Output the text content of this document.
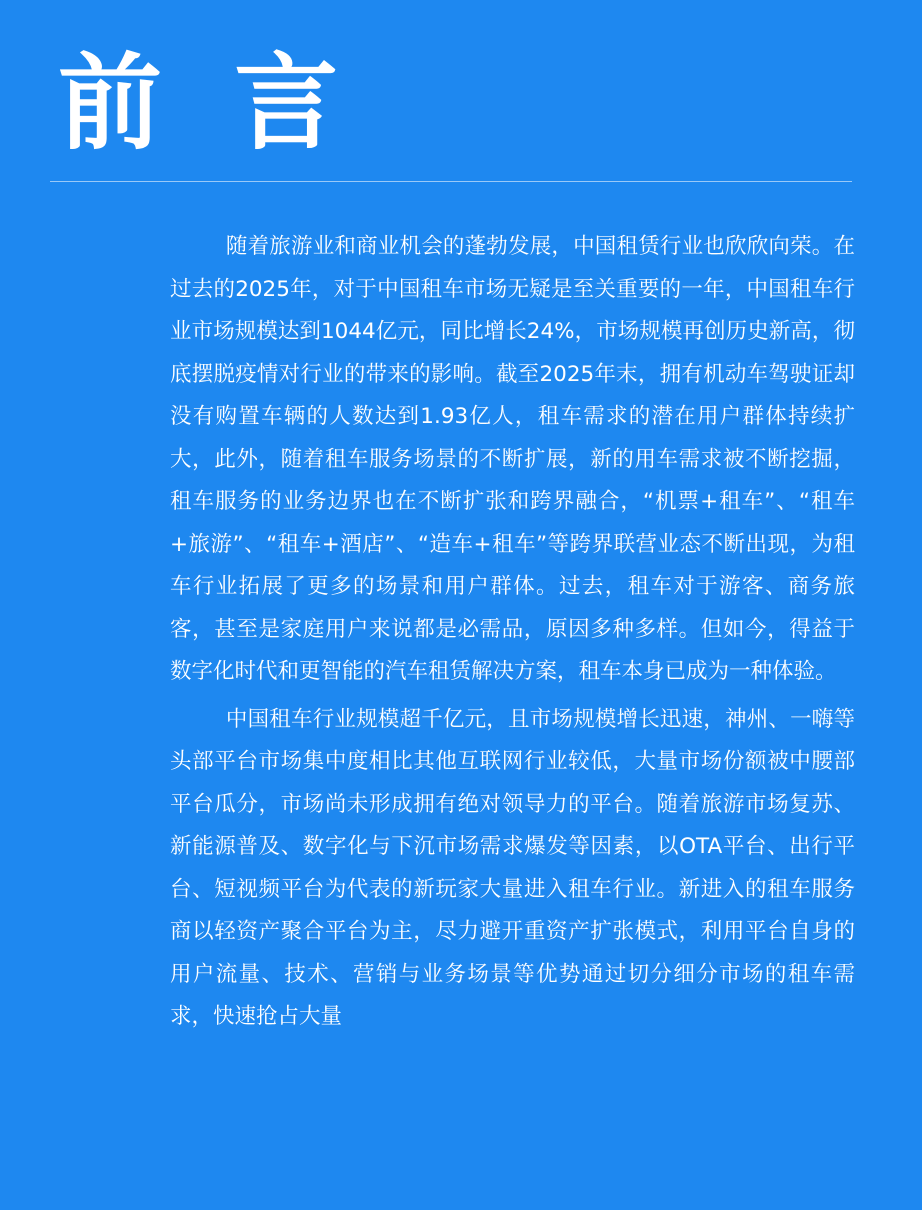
前 言

随着旅游业和商业机会的蓬勃发展，中国租赁行业也欣欣向荣。在过去的2025年，对于中国租车市场无疑是至关重要的一年，中国租车行业市场规模达到1044亿元，同比增长24%，市场规模再创历史新高，彻底摆脱疫情对行业的带来的影响。截至2025年末，拥有机动车驾驶证却没有购置车辆的人数达到1.93亿人，租车需求的潜在用户群体持续扩大，此外，随着租车服务场景的不断扩展，新的用车需求被不断挖掘，租车服务的业务边界也在不断扩张和跨界融合，“机票+租车”、“租车+旅游”、“租车+酒店”、“造车+租车”等跨界联营业态不断出现，为租车行业拓展了更多的场景和用户群体。过去，租车对于游客、商务旅客，甚至是家庭用户来说都是必需品，原因多种多样。但如今，得益于数字化时代和更智能的汽车租赁解决方案，租车本身已成为一种体验。

中国租车行业规模超千亿元，且市场规模增长迅速，神州、一嗨等头部平台市场集中度相比其他互联网行业较低，大量市场份额被中腰部平台瓜分，市场尚未形成拥有绝对领导力的平台。随着旅游市场复苏、新能源普及、数字化与下沉市场需求爆发等因素，以OTA平台、出行平台、短视频平台为代表的新玩家大量进入租车行业。新进入的租车服务商以轻资产聚合平台为主，尽力避开重资产扩张模式，利用平台自身的用户流量、技术、营销与业务场景等优势通过切分细分市场的租车需求，快速抢占大量
